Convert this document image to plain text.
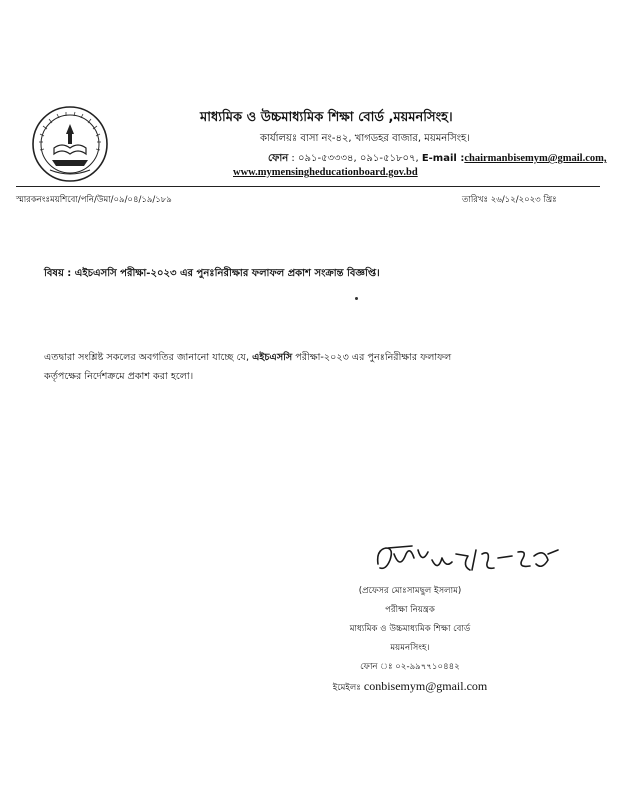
মাধ্যমিক ও উচ্চমাধ্যমিক শিক্ষা বোর্ড ,ময়মনসিংহ।
কার্যালয়ঃ বাসা নং-৪২, খাগডহর বাজার, ময়মনসিংহ।
ফোন : ০৯১-৫৩৩৩৪, ০৯১-৫১৮০৭, E-mail :chairmanbisemym@gmail.com,
www.mymensingheducationboard.gov.bd
স্মারকনংঃময়শিবো/পনি/উমা/০৯/০৪/১৯/১৮৯	তারিখঃ ২৬/১২/২০২৩ খ্রিঃ
বিষয় : এইচএসসি পরীক্ষা-২০২৩ এর পুনঃনিরীক্ষার ফলাফল প্রকাশ সংক্রান্ত বিজ্ঞপ্তি।
এতদ্বারা সংশ্লিষ্ট সকলের অবগতির জানানো যাচ্ছে যে, এইচএসসি পরীক্ষা-২০২৩ এর পুনঃনিরীক্ষার ফলাফল
কর্তৃপক্ষের নির্দেশক্রমে প্রকাশ করা হলো।
(প্রফেসর মোঃসামছুল ইসলাম)
পরীক্ষা নিয়ন্ত্রক
মাধ্যমিক ও উচ্চমাধ্যমিক শিক্ষা বোর্ড
ময়মনসিংহ।
ফোন ঃ ০২-৯৯৭৭১০৪৪২
ইমেইলঃ conbisemym@gmail.com
